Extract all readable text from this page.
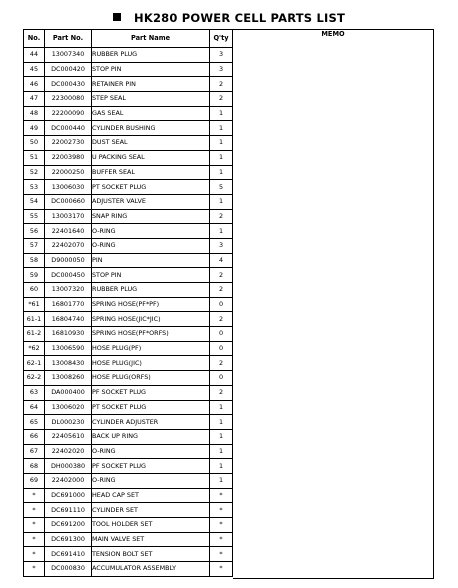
HK280 POWER CELL PARTS LIST
No.	Part No.	Part Name	Q'ty
44	13007340	RUBBER PLUG	3
45	DC000420	STOP PIN	3
46	DC000430	RETAINER PIN	2
47	22300080	STEP SEAL	2
48	22200090	GAS SEAL	1
49	DC000440	CYLINDER BUSHING	1
50	22002730	DUST SEAL	1
51	22003980	U PACKING SEAL	1
52	22000250	BUFFER SEAL	1
53	13006030	PT SOCKET PLUG	5
54	DC000660	ADJUSTER VALVE	1
55	13003170	SNAP RING	2
56	22401640	O-RING	1
57	22402070	O-RING	3
58	D9000050	PIN	4
59	DC000450	STOP PIN	2
60	13007320	RUBBER PLUG	2
*61	16801770	SPRING HOSE(PF*PF)	0
61-1	16804740	SPRING HOSE(JIC*JIC)	2
61-2	16810930	SPRING HOSE(PF*ORFS)	0
*62	13006590	HOSE PLUG(PF)	0
62-1	13008430	HOSE PLUG(JIC)	2
62-2	13008260	HOSE PLUG(ORFS)	0
63	DA000400	PF SOCKET PLUG	2
64	13006020	PT SOCKET PLUG	1
65	DL000230	CYLINDER ADJUSTER	1
66	22405610	BACK UP RING	1
67	22402020	O-RING	1
68	DH000380	PF SOCKET PLUG	1
69	22402000	O-RING	1
*	DC691000	HEAD CAP SET	*
*	DC691110	CYLINDER SET	*
*	DC691200	TOOL HOLDER SET	*
*	DC691300	MAIN VALVE SET	*
*	DC691410	TENSION BOLT SET	*
*	DC000830	ACCUMULATOR ASSEMBLY	*
MEMO
